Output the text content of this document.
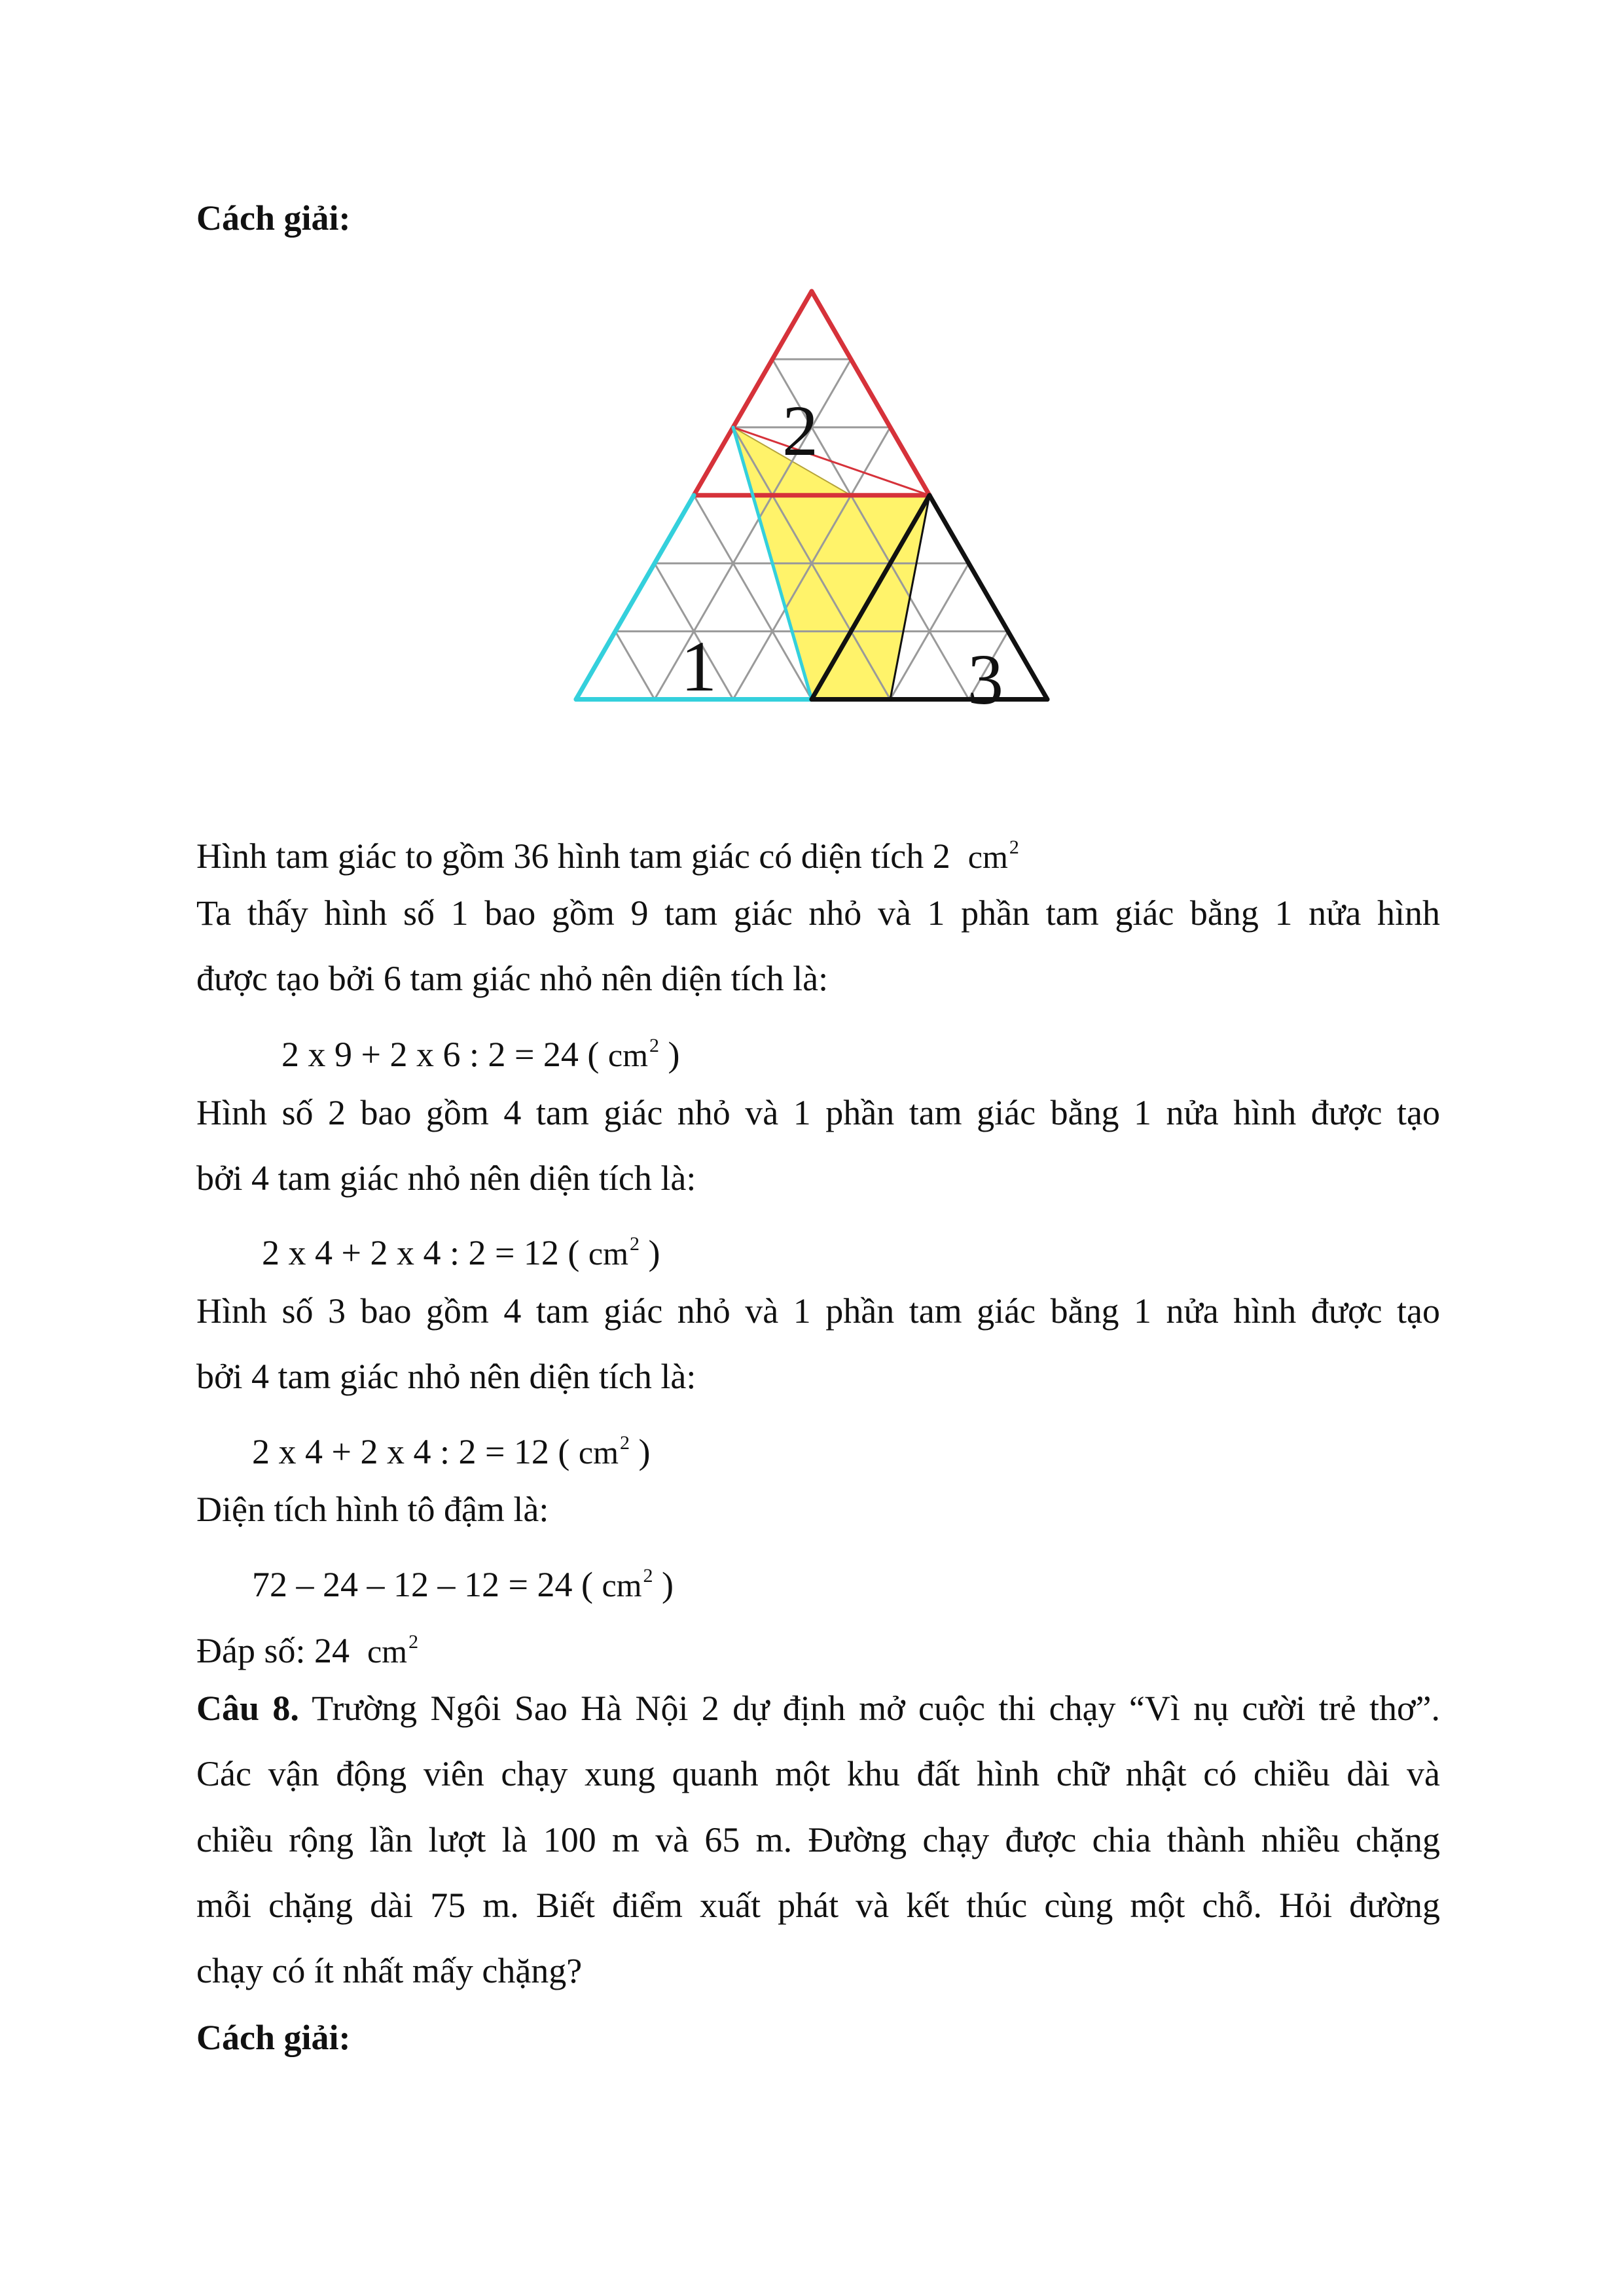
Cách giải:
1
2
3
Hình tam giác to gồm 36 hình tam giác có diện tích 2 $cm^2$
Ta thấy hình số 1 bao gồm 9 tam giác nhỏ và 1 phần tam giác bằng 1 nửa hình
được tạo bởi 6 tam giác nhỏ nên diện tích là:
2 x 9 + 2 x 6 : 2 = 24 ( $cm^2$ )
Hình số 2 bao gồm 4 tam giác nhỏ và 1 phần tam giác bằng 1 nửa hình được tạo
bởi 4 tam giác nhỏ nên diện tích là:
2 x 4 + 2 x 4 : 2 = 12 ( $cm^2$ )
Hình số 3 bao gồm 4 tam giác nhỏ và 1 phần tam giác bằng 1 nửa hình được tạo
bởi 4 tam giác nhỏ nên diện tích là:
2 x 4 + 2 x 4 : 2 = 12 ( $cm^2$ )
Diện tích hình tô đậm là:
72 – 24 – 12 – 12 = 24 ( $cm^2$ )
Đáp số: 24 $cm^2$
Câu 8. Trường Ngôi Sao Hà Nội 2 dự định mở cuộc thi chạy “Vì nụ cười trẻ thơ”.
Các vận động viên chạy xung quanh một khu đất hình chữ nhật có chiều dài và
chiều rộng lần lượt là 100 m và 65 m. Đường chạy được chia thành nhiều chặng
mỗi chặng dài 75 m. Biết điểm xuất phát và kết thúc cùng một chỗ. Hỏi đường
chạy có ít nhất mấy chặng?
Cách giải:
